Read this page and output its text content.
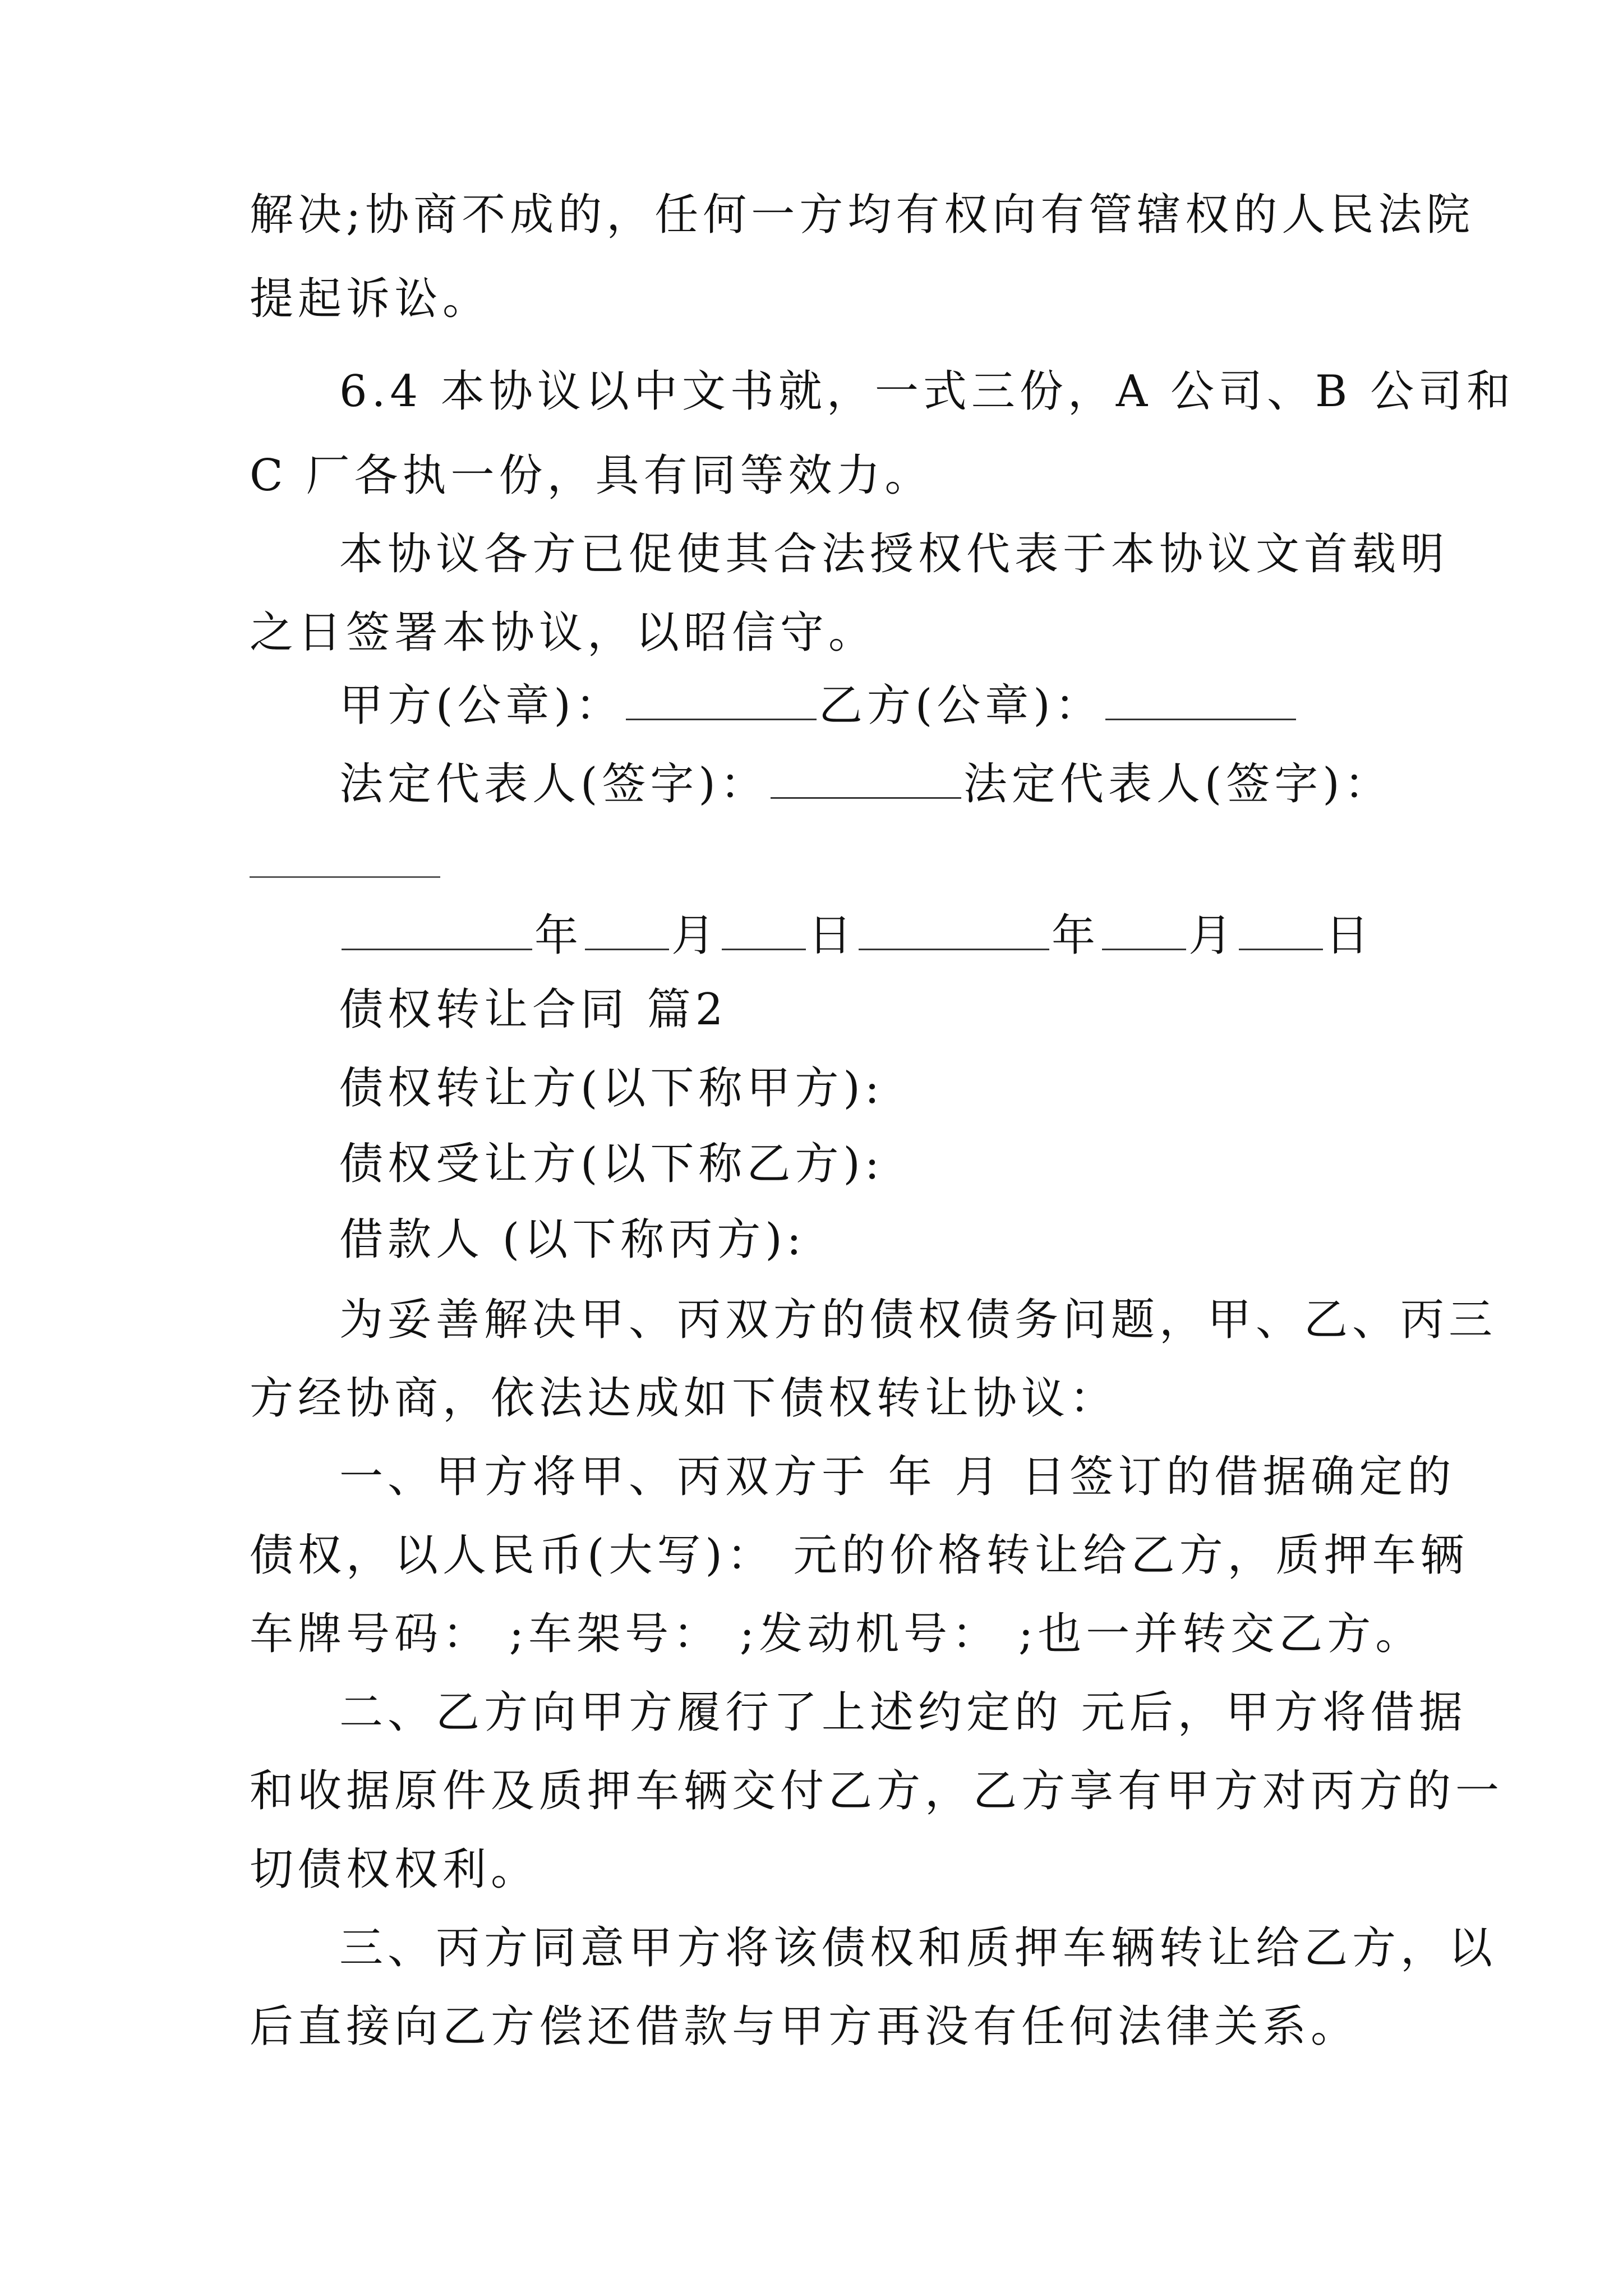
解决;协商不成的，任何一方均有权向有管辖权的人民法院
提起诉讼。
6.4 本协议以中文书就，一式三份，A 公司、B 公司和
C 厂各执一份，具有同等效力。
本协议各方已促使其合法授权代表于本协议文首载明
之日签署本协议，以昭信守。
甲方(公章)：	乙方(公章)：
法定代表人(签字)：	法定代表人(签字)：
年 月 日	年 月 日
债权转让合同 篇2
债权转让方(以下称甲方):
债权受让方(以下称乙方):
借款人 (以下称丙方):
为妥善解决甲、丙双方的债权债务问题，甲、乙、丙三
方经协商，依法达成如下债权转让协议：
一、甲方将甲、丙双方于 年 月 日签订的借据确定的
债权，以人民币(大写)： 元的价格转让给乙方，质押车辆
车牌号码： ;车架号： ;发动机号： ;也一并转交乙方。
二、乙方向甲方履行了上述约定的 元后，甲方将借据
和收据原件及质押车辆交付乙方，乙方享有甲方对丙方的一
切债权权利。
三、丙方同意甲方将该债权和质押车辆转让给乙方，以
后直接向乙方偿还借款与甲方再没有任何法律关系。
